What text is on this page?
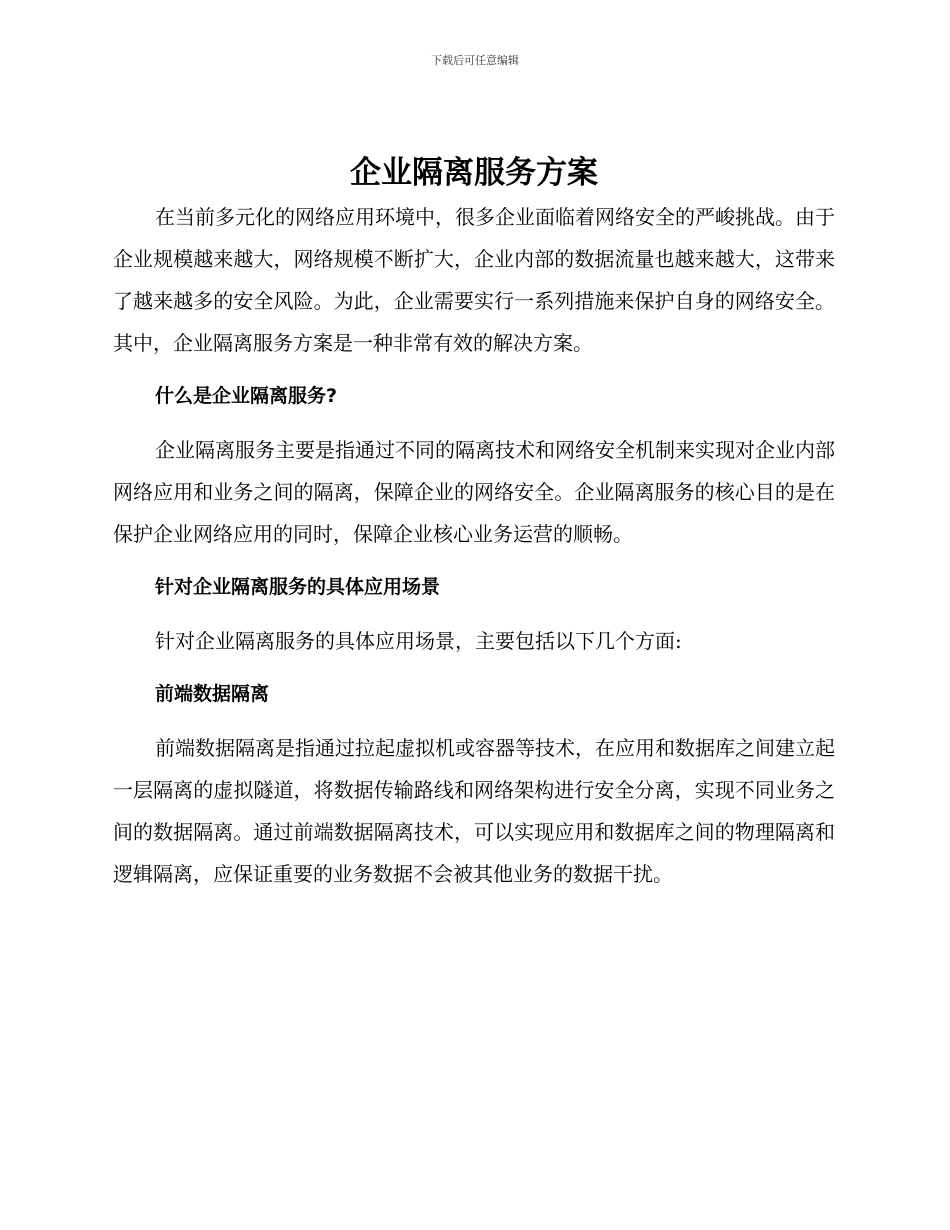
下载后可任意编辑
企业隔离服务方案

在当前多元化的网络应用环境中，很多企业面临着网络安全的严峻挑战。由于企业规模越来越大，网络规模不断扩大，企业内部的数据流量也越来越大，这带来了越来越多的安全风险。为此，企业需要实行一系列措施来保护自身的网络安全。其中，企业隔离服务方案是一种非常有效的解决方案。

什么是企业隔离服务?

企业隔离服务主要是指通过不同的隔离技术和网络安全机制来实现对企业内部网络应用和业务之间的隔离，保障企业的网络安全。企业隔离服务的核心目的是在保护企业网络应用的同时，保障企业核心业务运营的顺畅。

针对企业隔离服务的具体应用场景

针对企业隔离服务的具体应用场景，主要包括以下几个方面:

前端数据隔离

前端数据隔离是指通过拉起虚拟机或容器等技术，在应用和数据库之间建立起一层隔离的虚拟隧道，将数据传输路线和网络架构进行安全分离，实现不同业务之间的数据隔离。通过前端数据隔离技术，可以实现应用和数据库之间的物理隔离和逻辑隔离，应保证重要的业务数据不会被其他业务的数据干扰。
